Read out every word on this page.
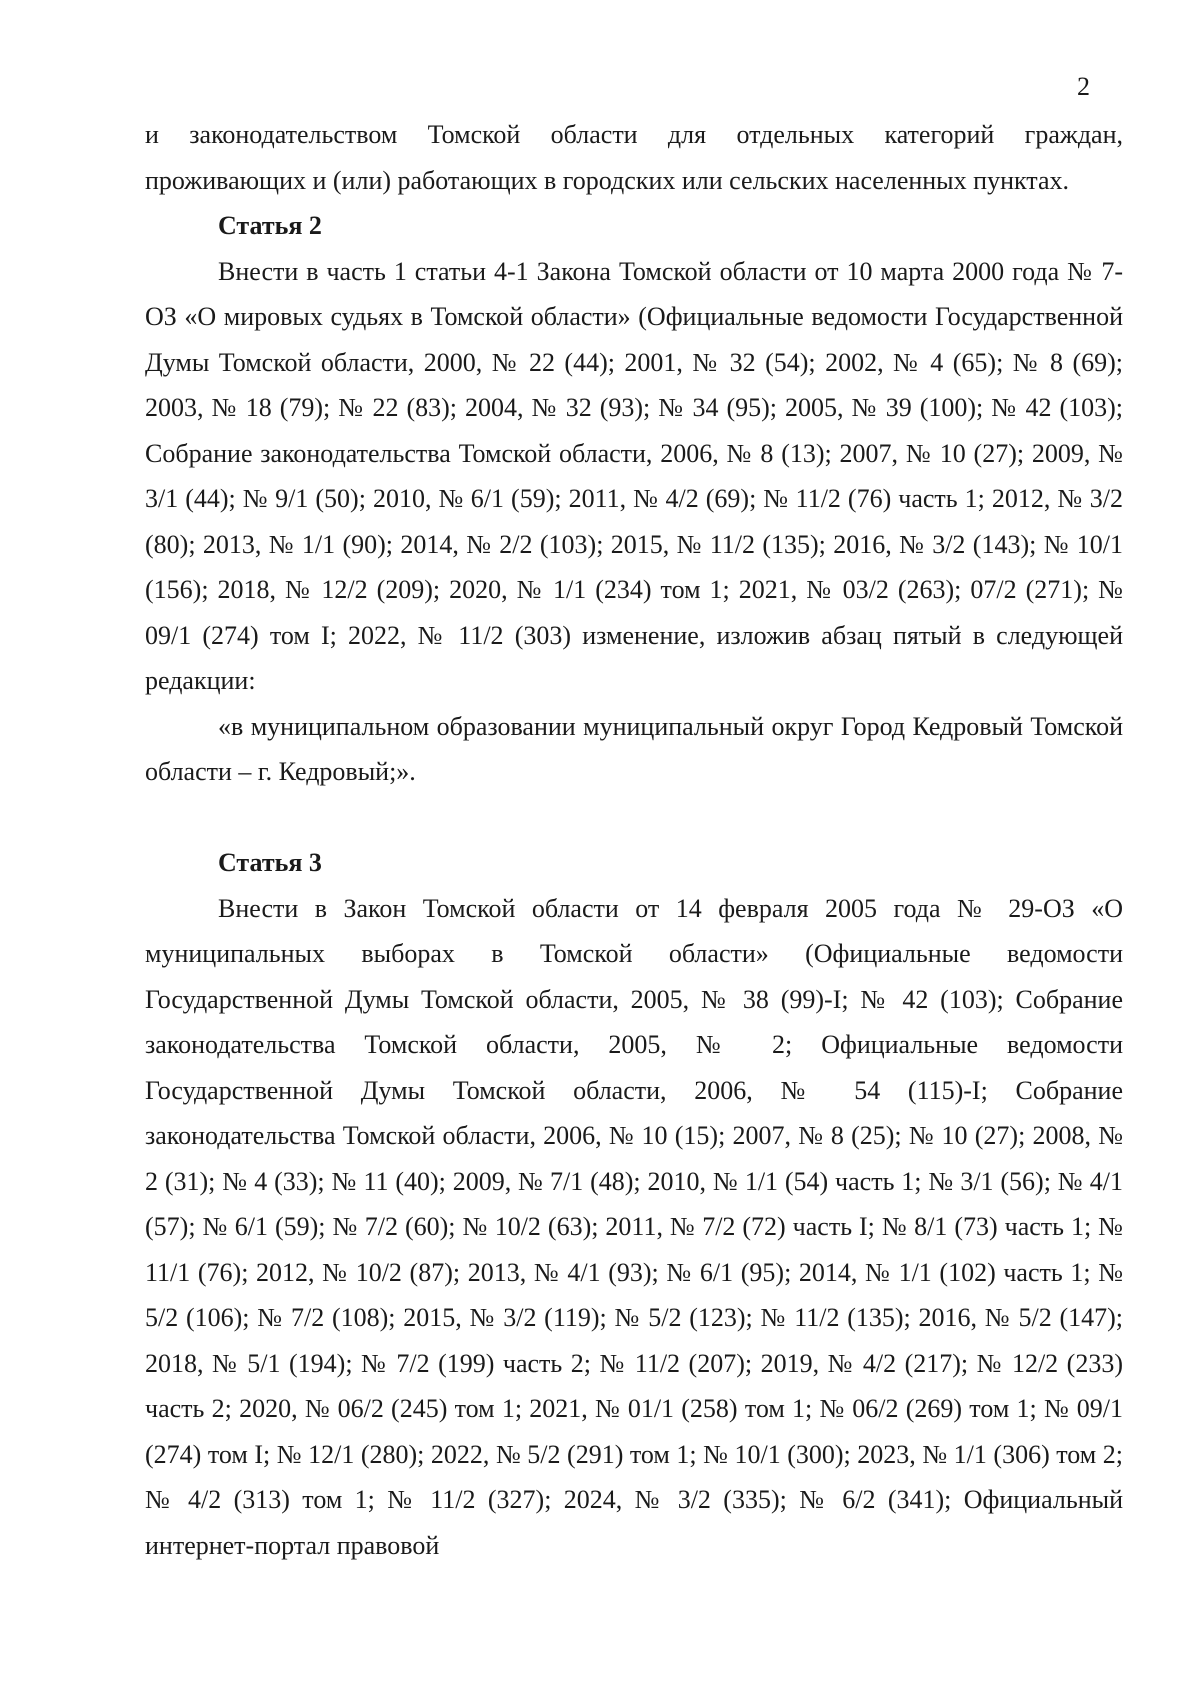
2

и законодательством Томской области для отдельных категорий граждан, проживающих и (или) работающих в городских или сельских населенных пунктах.

Статья 2

Внести в часть 1 статьи 4-1 Закона Томской области от 10 марта 2000 года № 7-ОЗ «О мировых судьях в Томской области» (Официальные ведомости Государственной Думы Томской области, 2000, № 22 (44); 2001, № 32 (54); 2002, № 4 (65); № 8 (69); 2003, № 18 (79); № 22 (83); 2004, № 32 (93); № 34 (95); 2005, № 39 (100); № 42 (103); Собрание законодательства Томской области, 2006, № 8 (13); 2007, № 10 (27); 2009, № 3/1 (44); № 9/1 (50); 2010, № 6/1 (59); 2011, № 4/2 (69); № 11/2 (76) часть 1; 2012, № 3/2 (80); 2013, № 1/1 (90); 2014, № 2/2 (103); 2015, № 11/2 (135); 2016, № 3/2 (143); № 10/1 (156); 2018, № 12/2 (209); 2020, № 1/1 (234) том 1; 2021, № 03/2 (263); 07/2 (271); № 09/1 (274) том I; 2022, № 11/2 (303) изменение, изложив абзац пятый в следующей редакции:

«в муниципальном образовании муниципальный округ Город Кедровый Томской области – г. Кедровый;».

Статья 3

Внести в Закон Томской области от 14 февраля 2005 года № 29-ОЗ «О муниципальных выборах в Томской области» (Официальные ведомости Государственной Думы Томской области, 2005, № 38 (99)-I; № 42 (103); Собрание законодательства Томской области, 2005, № 2; Официальные ведомости Государственной Думы Томской области, 2006, № 54 (115)-I; Собрание законодательства Томской области, 2006, № 10 (15); 2007, № 8 (25); № 10 (27); 2008, № 2 (31); № 4 (33); № 11 (40); 2009, № 7/1 (48); 2010, № 1/1 (54) часть 1; № 3/1 (56); № 4/1 (57); № 6/1 (59); № 7/2 (60); № 10/2 (63); 2011, № 7/2 (72) часть I; № 8/1 (73) часть 1; № 11/1 (76); 2012, № 10/2 (87); 2013, № 4/1 (93); № 6/1 (95); 2014, № 1/1 (102) часть 1; № 5/2 (106); № 7/2 (108); 2015, № 3/2 (119); № 5/2 (123); № 11/2 (135); 2016, № 5/2 (147); 2018, № 5/1 (194); № 7/2 (199) часть 2; № 11/2 (207); 2019, № 4/2 (217); № 12/2 (233) часть 2; 2020, № 06/2 (245) том 1; 2021, № 01/1 (258) том 1; № 06/2 (269) том 1; № 09/1 (274) том I; № 12/1 (280); 2022, № 5/2 (291) том 1; № 10/1 (300); 2023, № 1/1 (306) том 2; № 4/2 (313) том 1; № 11/2 (327); 2024, № 3/2 (335); № 6/2 (341); Официальный интернет-портал правовой
